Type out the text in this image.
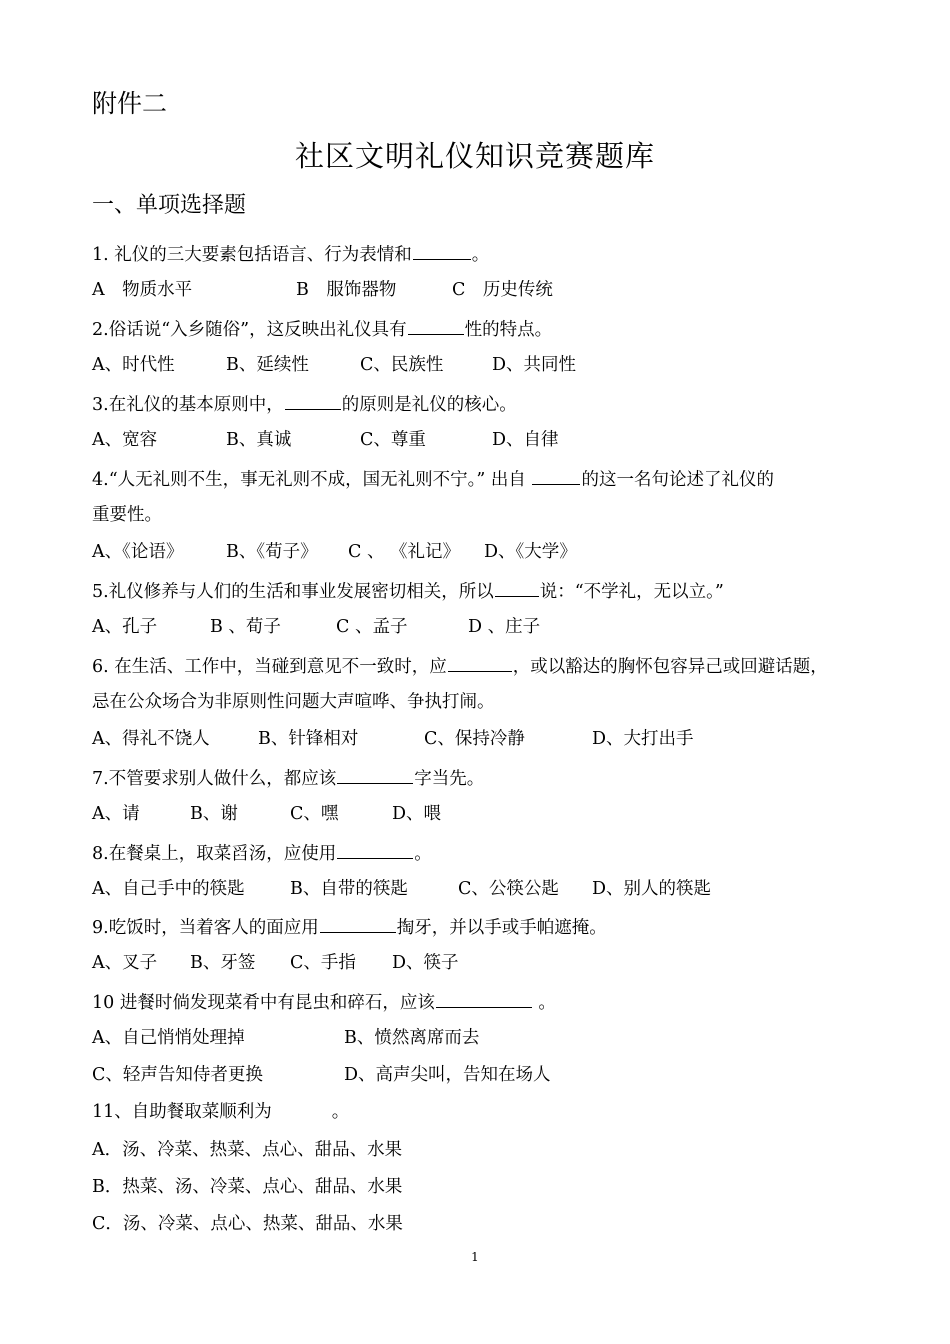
附件二
社区文明礼仪知识竞赛题库
一、单项选择题
1. 礼仪的三大要素包括语言、行为表情和	。
A　物质水平	B　服饰器物	C　历史传统
2.俗话说“入乡随俗”，这反映出礼仪具有	性的特点。
A、时代性	B、延续性	C、民族性	D、共同性
3.在礼仪的基本原则中，	的原则是礼仪的核心。
A、宽容	B、真诚	C、尊重	D、自律
4.“人无礼则不生，事无礼则不成，国无礼则不宁。” 出自	的这一名句论述了礼仪的
重要性。
A、《论语》 B、《荀子》 C 、 《礼记》 D、《大学》
5.礼仪修养与人们的生活和事业发展密切相关，所以	说：“不学礼，无以立。”
A、孔子	B 、荀子	C 、孟子	D 、庄子
6. 在生活、工作中，当碰到意见不一致时，应	，或以豁达的胸怀包容异己或回避话题，
忌在公众场合为非原则性问题大声喧哗、争执打闹。
A、得礼不饶人	B、针锋相对	C、保持冷静	D、大打出手
7.不管要求别人做什么，都应该	字当先。
A、请	B、谢	C、嘿	D、喂
8.在餐桌上，取菜舀汤，应使用	。
A、自己手中的筷匙	B、自带的筷匙	C、公筷公匙 D、别人的筷匙
9.吃饭时，当着客人的面应用	掏牙，并以手或手帕遮掩。
A、叉子 B、牙签 C、手指 D、筷子
10 进餐时倘发现菜肴中有昆虫和碎石，应该	。
A、自己悄悄处理掉	B、愤然离席而去
C、轻声告知侍者更换	D、高声尖叫，告知在场人
11、自助餐取菜顺利为	。
A．汤、冷菜、热菜、点心、甜品、水果
B．热菜、汤、冷菜、点心、甜品、水果
C．汤、冷菜、点心、热菜、甜品、水果
1
